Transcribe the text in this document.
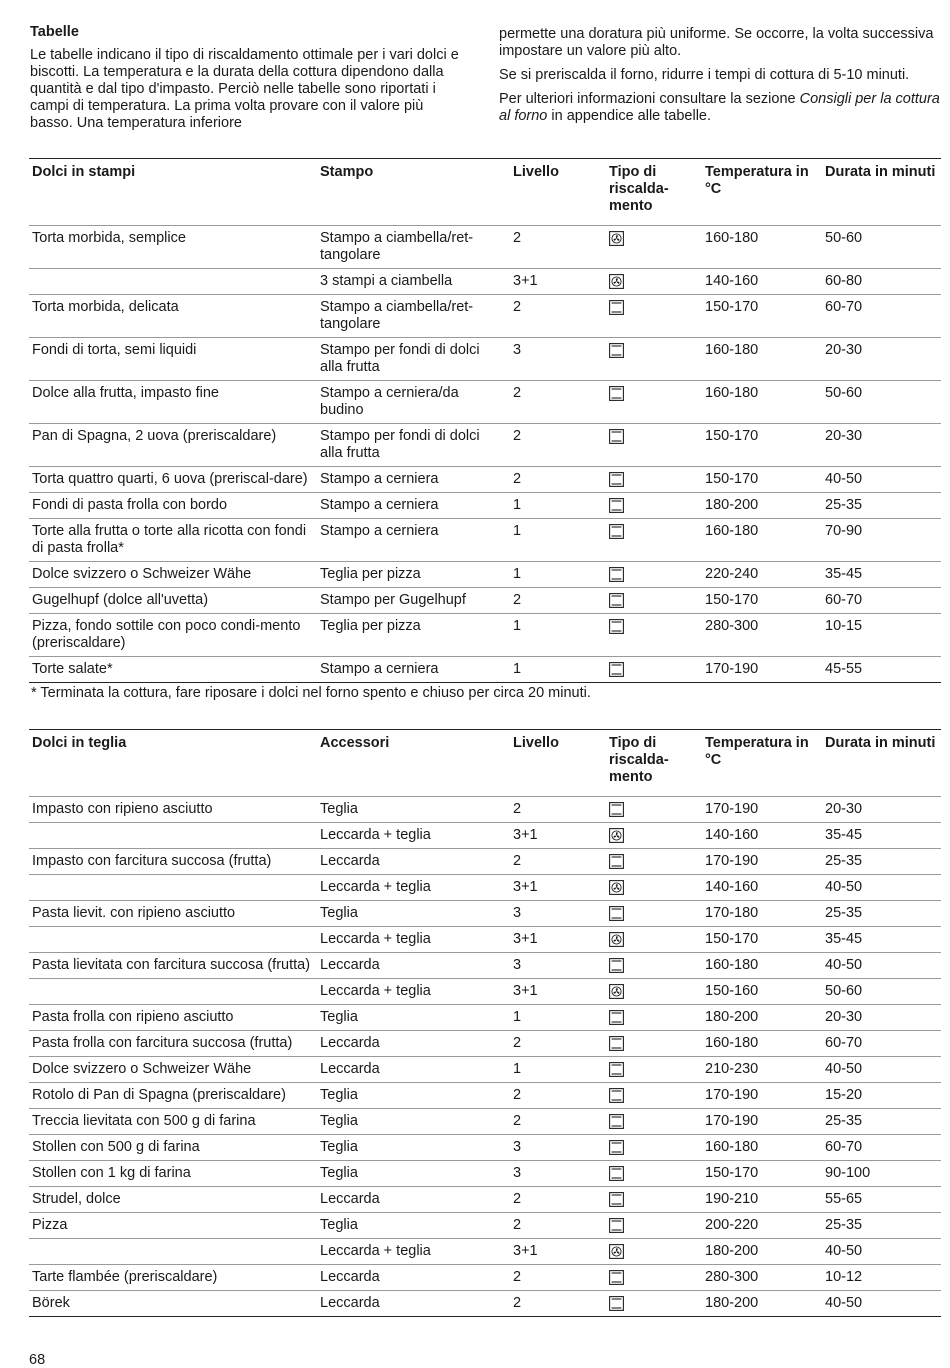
Tabelle

Le tabelle indicano il tipo di riscaldamento ottimale per i vari dolci e biscotti. La temperatura e la durata della cottura dipendono dalla quantità e dal tipo d'impasto. Perciò nelle tabelle sono riportati i campi di temperatura. La prima volta provare con il valore più basso. Una temperatura inferiore

permette una doratura più uniforme. Se occorre, la volta successiva impostare un valore più alto.

Se si preriscalda il forno, ridurre i tempi di cottura di 5-10 minuti.

Per ulteriori informazioni consultare la sezione Consigli per la cottura al forno in appendice alle tabelle.

Dolci in stampi	Stampo	Livello	Tipo di riscalda-mento	Temperatura in °C	Durata in minuti
Torta morbida, semplice	Stampo a ciambella/ret-tangolare	2		160-180	50-60
	3 stampi a ciambella	3+1		140-160	60-80
Torta morbida, delicata	Stampo a ciambella/ret-tangolare	2		150-170	60-70
Fondi di torta, semi liquidi	Stampo per fondi di dolci alla frutta	3		160-180	20-30
Dolce alla frutta, impasto fine	Stampo a cerniera/da budino	2		160-180	50-60
Pan di Spagna, 2 uova (preriscaldare)	Stampo per fondi di dolci alla frutta	2		150-170	20-30
Torta quattro quarti, 6 uova (preriscal-dare)	Stampo a cerniera	2		150-170	40-50
Fondi di pasta frolla con bordo	Stampo a cerniera	1		180-200	25-35
Torte alla frutta o torte alla ricotta con fondi di pasta frolla*	Stampo a cerniera	1		160-180	70-90
Dolce svizzero o Schweizer Wähe	Teglia per pizza	1		220-240	35-45
Gugelhupf (dolce all'uvetta)	Stampo per Gugelhupf	2		150-170	60-70
Pizza, fondo sottile con poco condi-mento (preriscaldare)	Teglia per pizza	1		280-300	10-15
Torte salate*	Stampo a cerniera	1		170-190	45-55

* Terminata la cottura, fare riposare i dolci nel forno spento e chiuso per circa 20 minuti.

Dolci in teglia	Accessori	Livello	Tipo di riscalda-mento	Temperatura in °C	Durata in minuti
Impasto con ripieno asciutto	Teglia	2		170-190	20-30
	Leccarda + teglia	3+1		140-160	35-45
Impasto con farcitura succosa (frutta)	Leccarda	2		170-190	25-35
	Leccarda + teglia	3+1		140-160	40-50
Pasta lievit. con ripieno asciutto	Teglia	3		170-180	25-35
	Leccarda + teglia	3+1		150-170	35-45
Pasta lievitata con farcitura succosa (frutta)	Leccarda	3		160-180	40-50
	Leccarda + teglia	3+1		150-160	50-60
Pasta frolla con ripieno asciutto	Teglia	1		180-200	20-30
Pasta frolla con farcitura succosa (frutta)	Leccarda	2		160-180	60-70
Dolce svizzero o Schweizer Wähe	Leccarda	1		210-230	40-50
Rotolo di Pan di Spagna (preriscaldare)	Teglia	2		170-190	15-20
Treccia lievitata con 500 g di farina	Teglia	2		170-190	25-35
Stollen con 500 g di farina	Teglia	3		160-180	60-70
Stollen con 1 kg di farina	Teglia	3		150-170	90-100
Strudel, dolce	Leccarda	2		190-210	55-65
Pizza	Teglia	2		200-220	25-35
	Leccarda + teglia	3+1		180-200	40-50
Tarte flambée (preriscaldare)	Leccarda	2		280-300	10-12
Börek	Leccarda	2		180-200	40-50

68
